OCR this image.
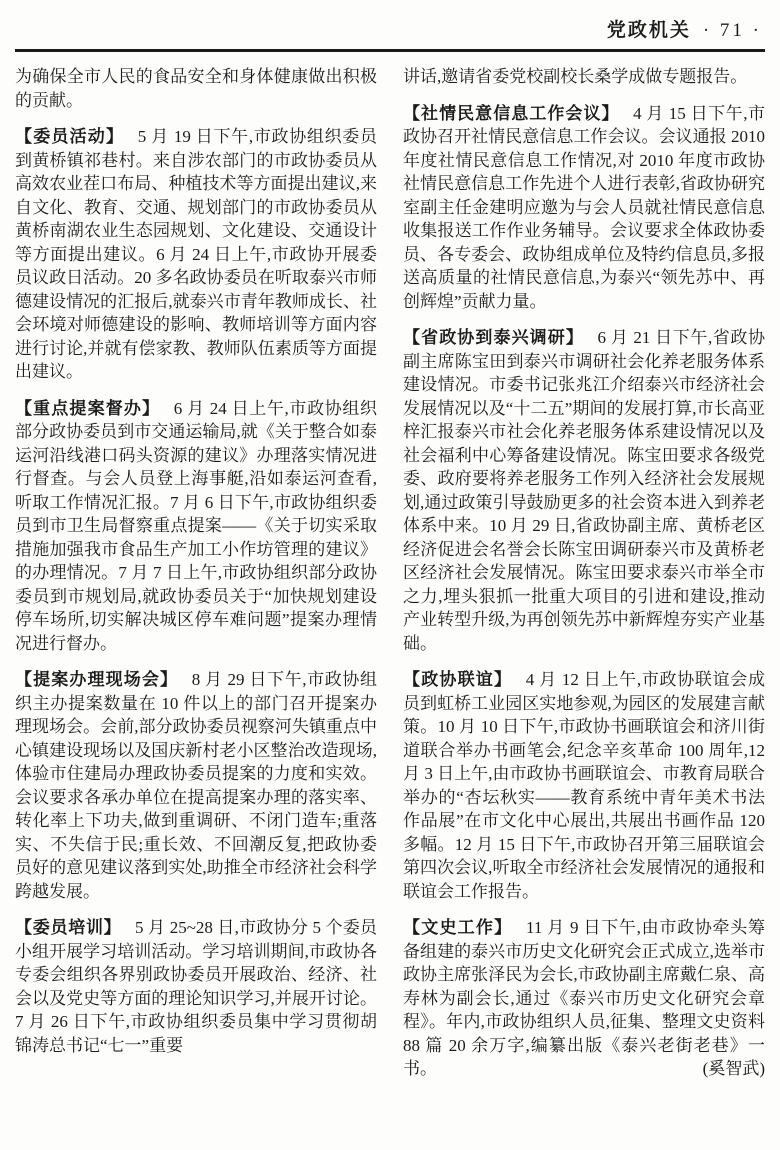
党政机关 · 71 ·

为确保全市人民的食品安全和身体健康做出积极的贡献。

【委员活动】 5 月 19 日下午,市政协组织委员到黄桥镇祁巷村。来自涉农部门的市政协委员从高效农业茬口布局、种植技术等方面提出建议,来自文化、教育、交通、规划部门的市政协委员从黄桥南湖农业生态园规划、文化建设、交通设计等方面提出建议。6 月 24 日上午,市政协开展委员议政日活动。20 多名政协委员在听取泰兴市师德建设情况的汇报后,就泰兴市青年教师成长、社会环境对师德建设的影响、教师培训等方面内容进行讨论,并就有偿家教、教师队伍素质等方面提出建议。

【重点提案督办】 6 月 24 日上午,市政协组织部分政协委员到市交通运输局,就《关于整合如泰运河沿线港口码头资源的建议》办理落实情况进行督查。与会人员登上海事艇,沿如泰运河查看,听取工作情况汇报。7 月 6 日下午,市政协组织委员到市卫生局督察重点提案——《关于切实采取措施加强我市食品生产加工小作坊管理的建议》的办理情况。7 月 7 日上午,市政协组织部分政协委员到市规划局,就政协委员关于“加快规划建设停车场所,切实解决城区停车难问题”提案办理情况进行督办。

【提案办理现场会】 8 月 29 日下午,市政协组织主办提案数量在 10 件以上的部门召开提案办理现场会。会前,部分政协委员视察河失镇重点中心镇建设现场以及国庆新村老小区整治改造现场,体验市住建局办理政协委员提案的力度和实效。会议要求各承办单位在提高提案办理的落实率、转化率上下功夫,做到重调研、不闭门造车;重落实、不失信于民;重长效、不回潮反复,把政协委员好的意见建议落到实处,助推全市经济社会科学跨越发展。

【委员培训】 5 月 25~28 日,市政协分 5 个委员小组开展学习培训活动。学习培训期间,市政协各专委会组织各界别政协委员开展政治、经济、社会以及党史等方面的理论知识学习,并展开讨论。7 月 26 日下午,市政协组织委员集中学习贯彻胡锦涛总书记“七一”重要

讲话,邀请省委党校副校长桑学成做专题报告。

【社情民意信息工作会议】 4 月 15 日下午,市政协召开社情民意信息工作会议。会议通报 2010 年度社情民意信息工作情况,对 2010 年度市政协社情民意信息工作先进个人进行表彰,省政协研究室副主任金建明应邀为与会人员就社情民意信息收集报送工作作业务辅导。会议要求全体政协委员、各专委会、政协组成单位及特约信息员,多报送高质量的社情民意信息,为泰兴“领先苏中、再创辉煌”贡献力量。

【省政协到泰兴调研】 6 月 21 日下午,省政协副主席陈宝田到泰兴市调研社会化养老服务体系建设情况。市委书记张兆江介绍泰兴市经济社会发展情况以及“十二五”期间的发展打算,市长高亚梓汇报泰兴市社会化养老服务体系建设情况以及社会福利中心筹备建设情况。陈宝田要求各级党委、政府要将养老服务工作列入经济社会发展规划,通过政策引导鼓励更多的社会资本进入到养老体系中来。10 月 29 日,省政协副主席、黄桥老区经济促进会名誉会长陈宝田调研泰兴市及黄桥老区经济社会发展情况。陈宝田要求泰兴市举全市之力,埋头狠抓一批重大项目的引进和建设,推动产业转型升级,为再创领先苏中新辉煌夯实产业基础。

【政协联谊】 4 月 12 日上午,市政协联谊会成员到虹桥工业园区实地参观,为园区的发展建言献策。10 月 10 日下午,市政协书画联谊会和济川街道联合举办书画笔会,纪念辛亥革命 100 周年,12 月 3 日上午,由市政协书画联谊会、市教育局联合举办的“杏坛秋实——教育系统中青年美术书法作品展”在市文化中心展出,共展出书画作品 120 多幅。12 月 15 日下午,市政协召开第三届联谊会第四次会议,听取全市经济社会发展情况的通报和联谊会工作报告。

【文史工作】 11 月 9 日下午,由市政协牵头筹备组建的泰兴市历史文化研究会正式成立,选举市政协主席张泽民为会长,市政协副主席戴仁泉、高寿林为副会长,通过《泰兴市历史文化研究会章程》。年内,市政协组织人员,征集、整理文史资料 88 篇 20 余万字,编纂出版《泰兴老街老巷》一书。	(奚智武)
